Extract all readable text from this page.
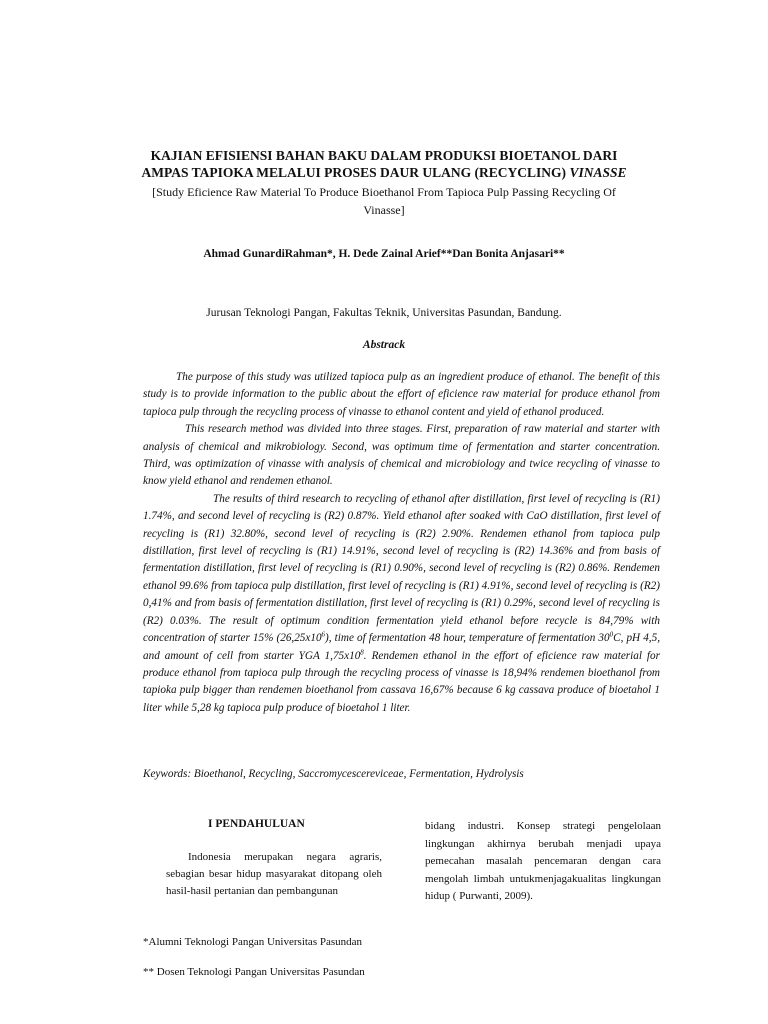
KAJIAN EFISIENSI BAHAN BAKU DALAM PRODUKSI BIOETANOL DARI
AMPAS TAPIOKA MELALUI PROSES DAUR ULANG (RECYCLING) VINASSE
[Study Eficience Raw Material To Produce Bioethanol From Tapioca Pulp Passing Recycling Of Vinasse]
Ahmad GunardiRahman*, H. Dede Zainal Arief**Dan Bonita Anjasari**
Jurusan Teknologi Pangan, Fakultas Teknik, Universitas Pasundan, Bandung.
Abstrack

The purpose of this study was utilized tapioca pulp as an ingredient produce of ethanol. The benefit of this study is to provide information to the public about the effort of eficience raw material for produce ethanol from tapioca pulp through the recycling process of vinasse to ethanol content and yield of ethanol produced.

This research method was divided into three stages. First, preparation of raw material and starter with analysis of chemical and mikrobiology. Second, was optimum time of fermentation and starter concentration. Third, was optimization of vinasse with analysis of chemical and microbiology and twice recycling of vinasse to know yield ethanol and rendemen ethanol.

The results of third research to recycling of ethanol after distillation, first level of recycling is (R1) 1.74%, and second level of recycling is (R2) 0.87%. Yield ethanol after soaked with CaO distillation, first level of recycling is (R1) 32.80%, second level of recycling is (R2) 2.90%. Rendemen ethanol from tapioca pulp distillation, first level of recycling is (R1) 14.91%, second level of recycling is (R2) 14.36% and from basis of fermentation distillation, first level of recycling is (R1) 0.90%, second level of recycling is (R2) 0.86%. Rendemen ethanol 99.6% from tapioca pulp distillation, first level of recycling is (R1) 4.91%, second level of recycling is (R2) 0,41% and from basis of fermentation distillation, first level of recycling is (R1) 0.29%, second level of recycling is (R2) 0.03%. The result of optimum condition fermentation yield ethanol before recycle is 84,79% with concentration of starter 15% $(26,25x10^6)$, time of fermentation 48 hour, temperature of fermentation $30^0C$, pH 4,5, and amount of cell from starter YGA $1,75x10^8$. Rendemen ethanol in the effort of eficience raw material for produce ethanol from tapioca pulp through the recycling process of vinasse is 18,94% rendemen bioethanol from tapioka pulp bigger than rendemen bioethanol from cassava 16,67% because 6 kg cassava produce of bioetahol 1 liter while 5,28 kg tapioca pulp produce of bioetahol 1 liter.

Keywords: Bioethanol, Recycling, Saccromycescereviceae, Fermentation, Hydrolysis
I PENDAHULUAN

Indonesia merupakan negara agraris, sebagian besar hidup masyarakat ditopang oleh hasil-hasil pertanian dan pembangunan

bidang industri. Konsep strategi pengelolaan lingkungan akhirnya berubah menjadi upaya pemecahan masalah pencemaran dengan cara mengolah limbah untukmenjagakualitas lingkungan hidup ( Purwanti, 2009).

*Alumni Teknologi Pangan Universitas Pasundan
** Dosen Teknologi Pangan Universitas Pasundan
